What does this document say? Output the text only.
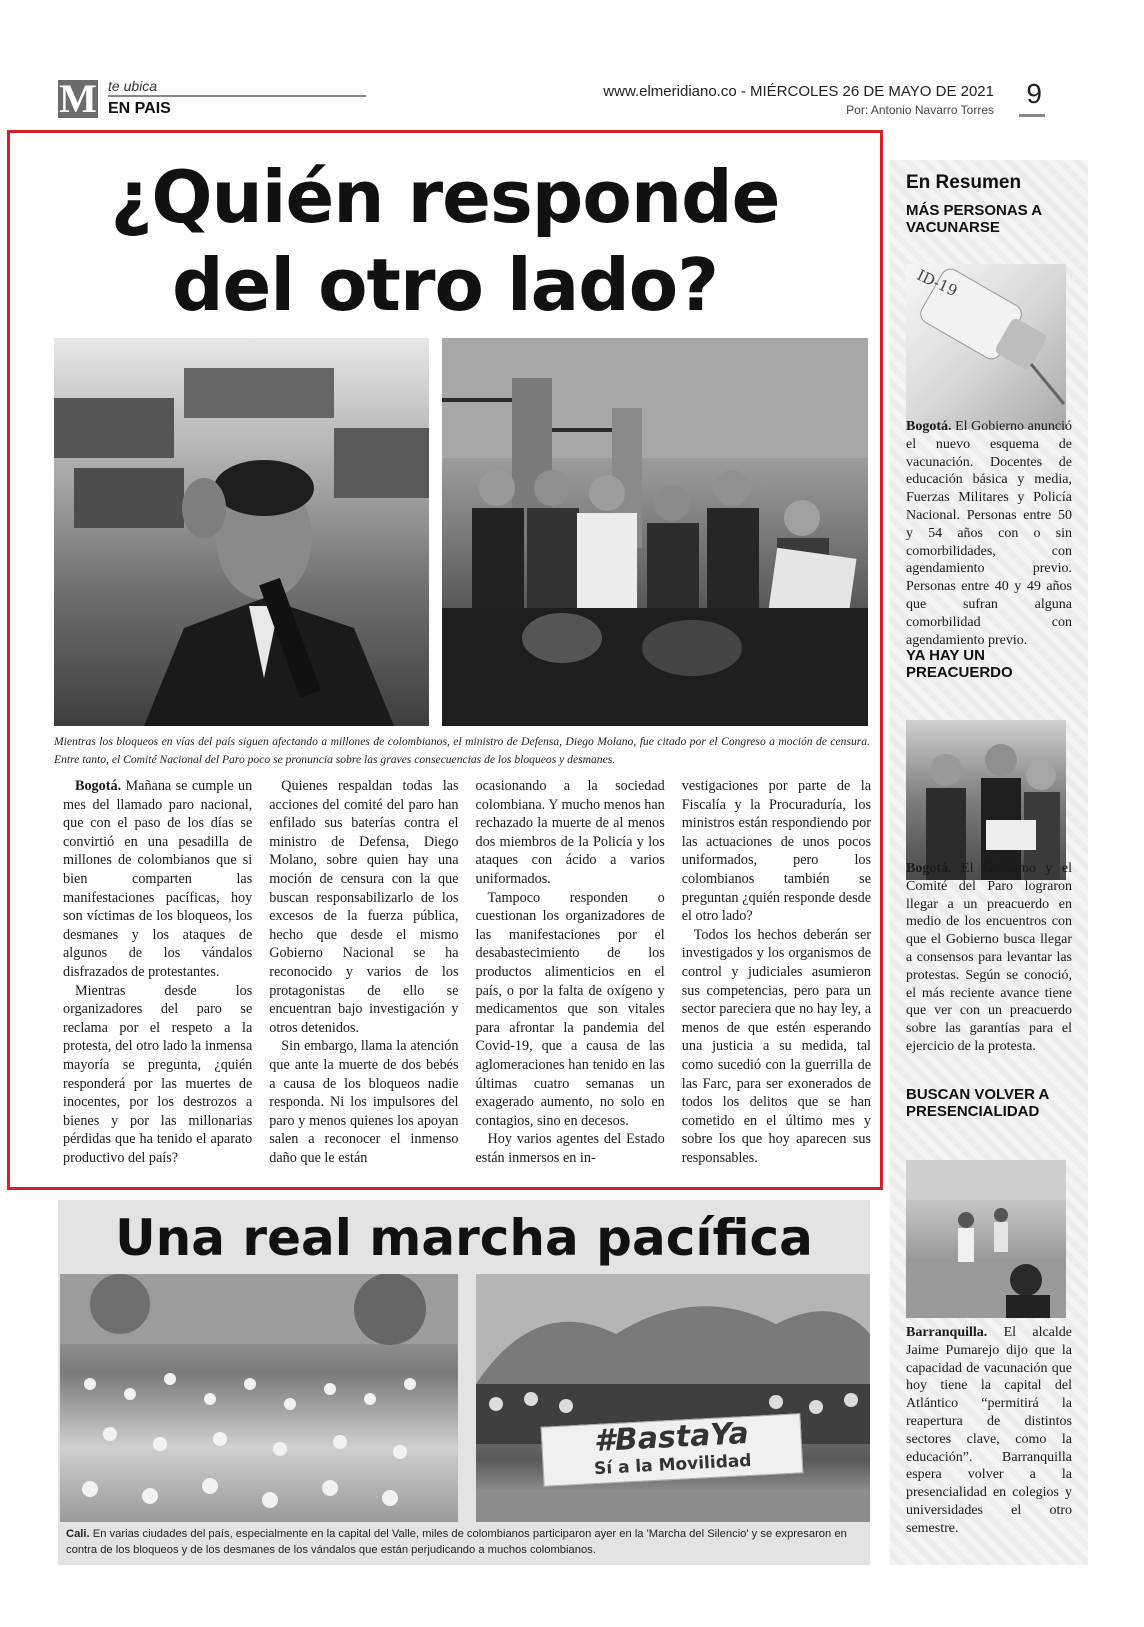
M te ubica
EN PAIS
www.elmeridiano.co - MIÉRCOLES 26 DE MAYO DE 2021
Por: Antonio Navarro Torres
9
¿Quién responde
del otro lado?
Mientras los bloqueos en vías del país siguen afectando a millones de colombianos, el ministro de Defensa, Diego Molano, fue citado por el Congreso a moción de censura. Entre tanto, el Comité Nacional del Paro poco se pronuncia sobre las graves consecuencias de los bloqueos y desmanes.

Bogotá. Mañana se cumple un mes del llamado paro nacional, que con el paso de los días se convirtió en una pesadilla de millones de colombianos que si bien comparten las manifestaciones pacíficas, hoy son víctimas de los bloqueos, los desmanes y los ataques de algunos de los vándalos disfrazados de protestantes.

Mientras desde los organizadores del paro se reclama por el respeto a la protesta, del otro lado la inmensa mayoría se pregunta, ¿quién responderá por las muertes de inocentes, por los destrozos a bienes y por las millonarias pérdidas que ha tenido el aparato productivo del país?

Quienes respaldan todas las acciones del comité del paro han enfilado sus baterías contra el ministro de Defensa, Diego Molano, sobre quien hay una moción de censura con la que buscan responsabilizarlo de los excesos de la fuerza pública, hecho que desde el mismo Gobierno Nacional se ha reconocido y varios de los protagonistas de ello se encuentran bajo investigación y otros detenidos.

Sin embargo, llama la atención que ante la muerte de dos bebés a causa de los bloqueos nadie responda. Ni los impulsores del paro y menos quienes los apoyan salen a reconocer el inmenso daño que le están

ocasionando a la sociedad colombiana. Y mucho menos han rechazado la muerte de al menos dos miembros de la Policía y los ataques con ácido a varios uniformados.

Tampoco responden o cuestionan los organizadores de las manifestaciones por el desabastecimiento de los productos alimenticios en el país, o por la falta de oxígeno y medicamentos que son vitales para afrontar la pandemia del Covid-19, que a causa de las aglomeraciones han tenido en las últimas cuatro semanas un exagerado aumento, no solo en contagios, sino en decesos.

Hoy varios agentes del Estado están inmersos en in-

vestigaciones por parte de la Fiscalía y la Procuraduría, los ministros están respondiendo por las actuaciones de unos pocos uniformados, pero los colombianos también se preguntan ¿quién responde desde el otro lado?

Todos los hechos deberán ser investigados y los organismos de control y judiciales asumieron sus competencias, pero para un sector pareciera que no hay ley, a menos de que estén esperando una justicia a su medida, tal como sucedió con la guerrilla de las Farc, para ser exonerados de todos los delitos que se han cometido en el último mes y sobre los que hoy aparecen sus responsables.

Una real marcha pacífica
#BastaYa
Sí a la Movilidad
Cali. En varias ciudades del país, especialmente en la capital del Valle, miles de colombianos participaron ayer en la 'Marcha del Silencio' y se expresaron en contra de los bloqueos y de los desmanes de los vándalos que están perjudicando a muchos colombianos.
En Resumen
MÁS PERSONAS A VACUNARSE
ID-19
Bogotá. El Gobierno anunció el nuevo esquema de vacunación. Docentes de educación básica y media, Fuerzas Militares y Policía Nacional. Personas entre 50 y 54 años con o sin comorbilidades, con agendamiento previo. Personas entre 40 y 49 años que sufran alguna comorbilidad con agendamiento previo.
YA HAY UN PREACUERDO
Bogotá. El Gobierno y el Comité del Paro lograron llegar a un preacuerdo en medio de los encuentros con que el Gobierno busca llegar a consensos para levantar las protestas. Según se conoció, el más reciente avance tiene que ver con un preacuerdo sobre las garantías para el ejercicio de la protesta.
BUSCAN VOLVER A PRESENCIALIDAD
Barranquilla. El alcalde Jaime Pumarejo dijo que la capacidad de vacunación que hoy tiene la capital del Atlántico “permitirá la reapertura de distintos sectores clave, como la educación”. Barranquilla espera volver a la presencialidad en colegios y universidades el otro semestre.
